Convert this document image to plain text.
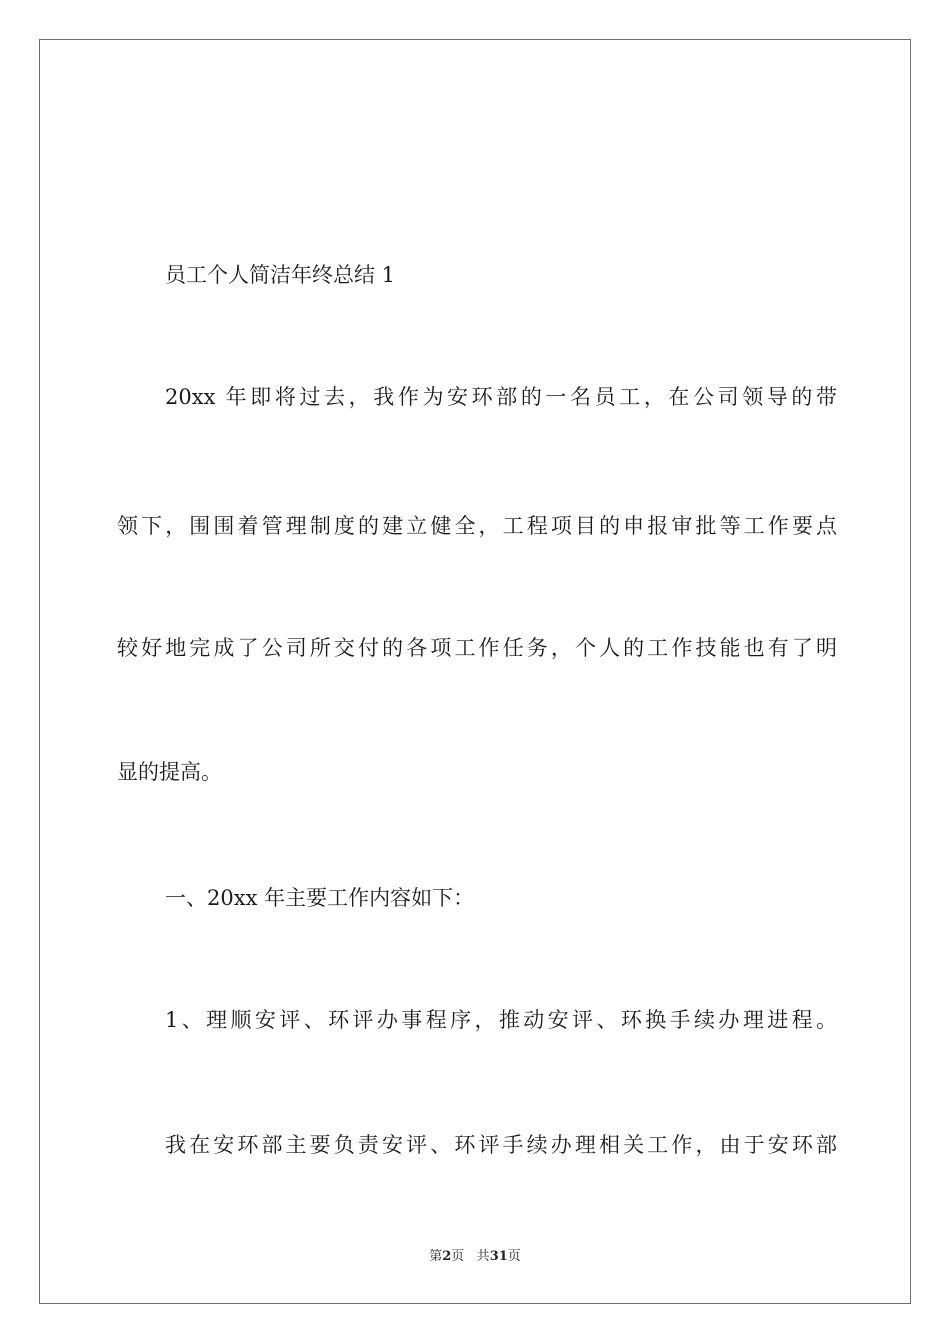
员工个人简洁年终总结 1
20xx 年即将过去，我作为安环部的一名员工，在公司领导的带
领下，围围着管理制度的建立健全，工程项目的申报审批等工作要点
较好地完成了公司所交付的各项工作任务，个人的工作技能也有了明
显的提高。
一、20xx 年主要工作内容如下：
1、理顺安评、环评办事程序，推动安评、环换手续办理进程。
我在安环部主要负责安评、环评手续办理相关工作，由于安环部
第2页 共31页
